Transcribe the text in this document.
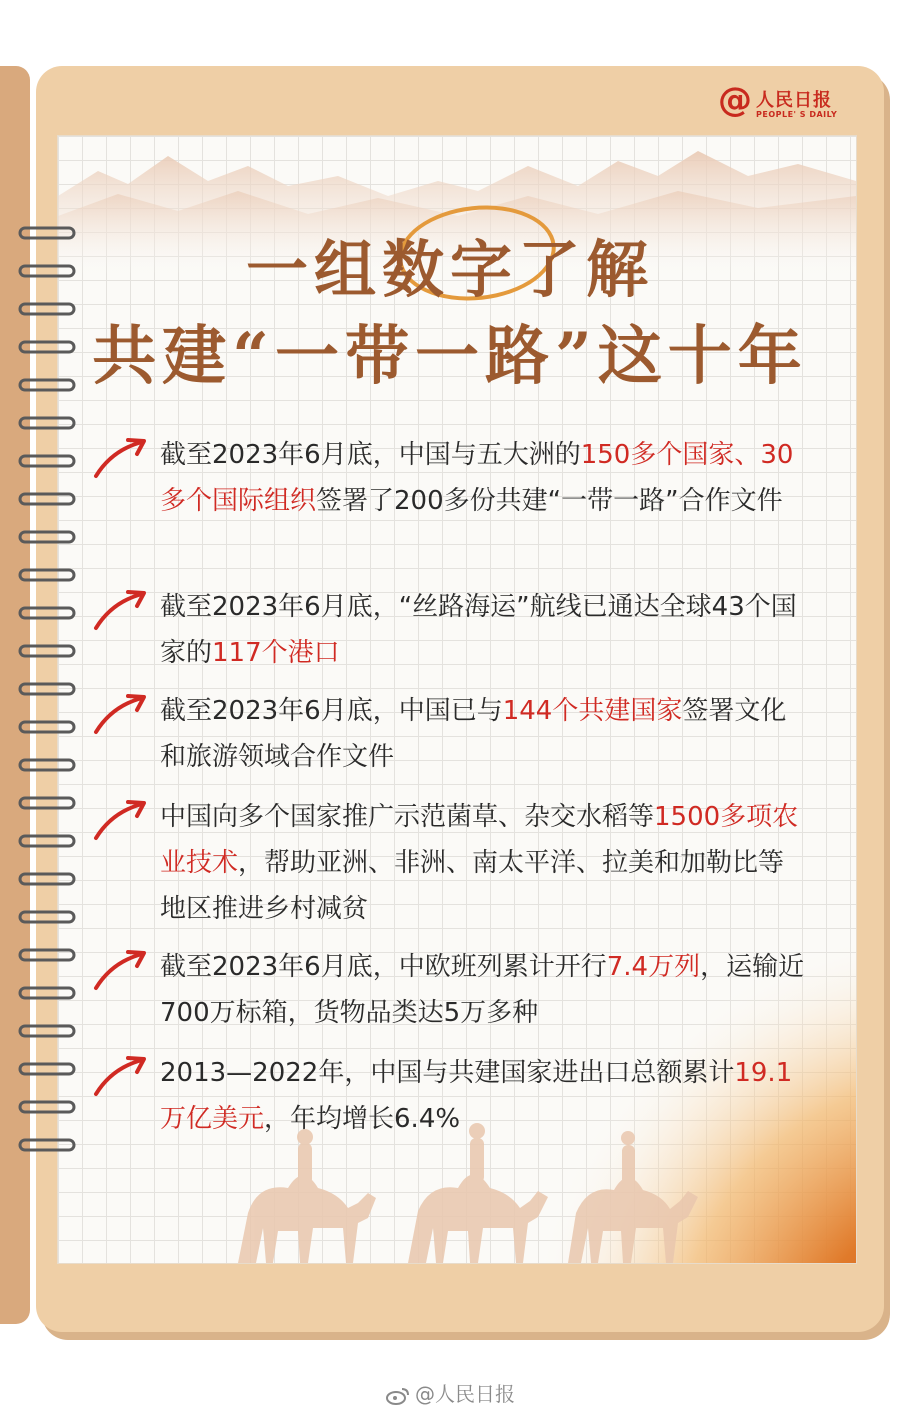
@ 人民日报
PEOPLE' S DAILY
一组数字了解
共建“一带一路”这十年
截至2023年6月底，中国与五大洲的150多个国家、30多个国际组织签署了200多份共建“一带一路”合作文件
截至2023年6月底，“丝路海运”航线已通达全球43个国家的117个港口
截至2023年6月底，中国已与144个共建国家签署文化和旅游领域合作文件
中国向多个国家推广示范菌草、杂交水稻等1500多项农业技术，帮助亚洲、非洲、南太平洋、拉美和加勒比等地区推进乡村减贫
截至2023年6月底，中欧班列累计开行7.4万列，运输近700万标箱，货物品类达5万多种
2013—2022年，中国与共建国家进出口总额累计19.1万亿美元，年均增长6.4%
@人民日报
